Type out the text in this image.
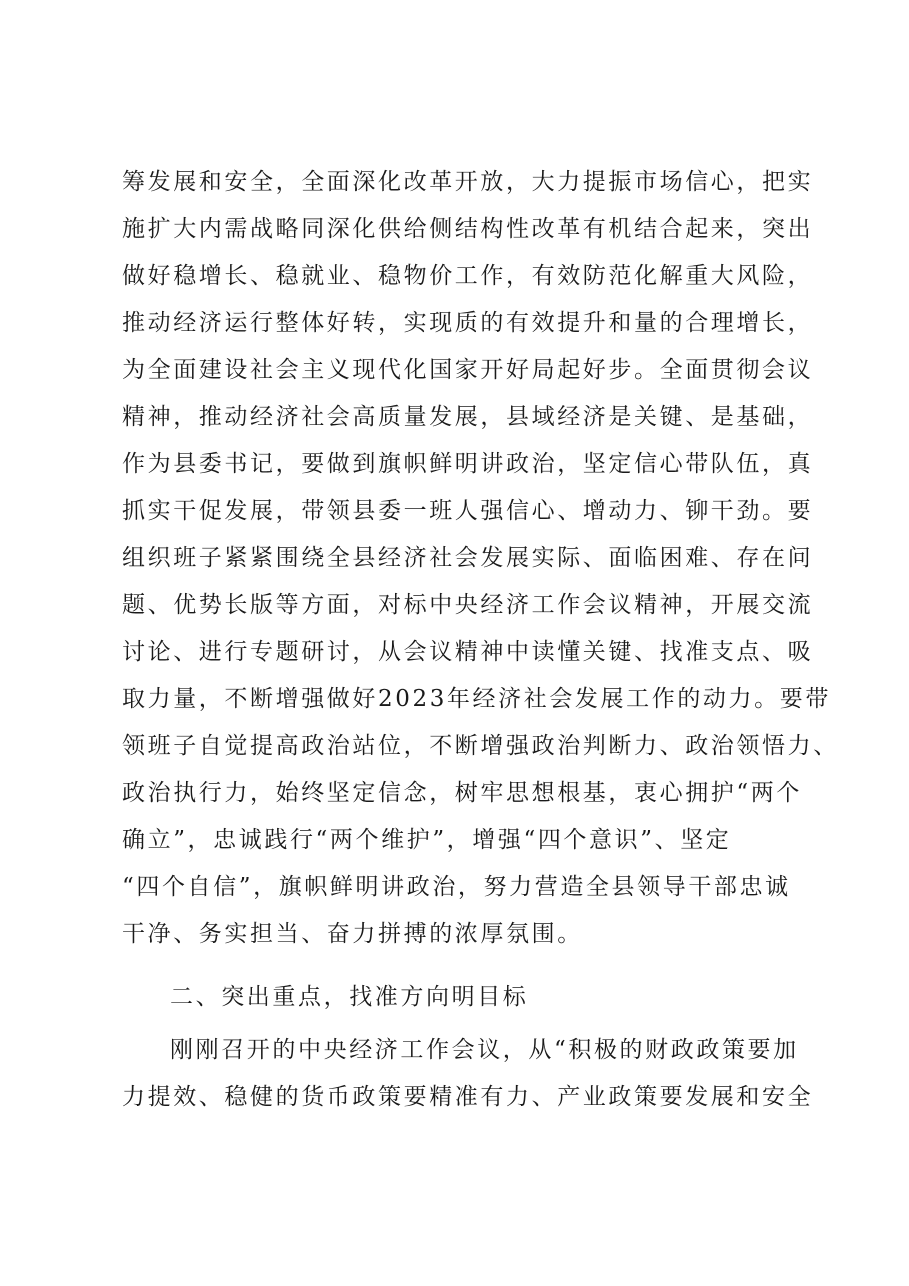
筹发展和安全，全面深化改革开放，大力提振市场信心，把实
施扩大内需战略同深化供给侧结构性改革有机结合起来，突出
做好稳增长、稳就业、稳物价工作，有效防范化解重大风险，
推动经济运行整体好转，实现质的有效提升和量的合理增长，
为全面建设社会主义现代化国家开好局起好步。全面贯彻会议
精神，推动经济社会高质量发展，县域经济是关键、是基础，
作为县委书记，要做到旗帜鲜明讲政治，坚定信心带队伍，真
抓实干促发展，带领县委一班人强信心、增动力、铆干劲。要
组织班子紧紧围绕全县经济社会发展实际、面临困难、存在问
题、优势长版等方面，对标中央经济工作会议精神，开展交流
讨论、进行专题研讨，从会议精神中读懂关键、找准支点、吸
取力量，不断增强做好2023年经济社会发展工作的动力。要带
领班子自觉提高政治站位，不断增强政治判断力、政治领悟力、
政治执行力，始终坚定信念，树牢思想根基，衷心拥护“两个
确立”，忠诚践行“两个维护”，增强“四个意识”、坚定
“四个自信”，旗帜鲜明讲政治，努力营造全县领导干部忠诚
干净、务实担当、奋力拼搏的浓厚氛围。
二、突出重点，找准方向明目标
刚刚召开的中央经济工作会议，从“积极的财政政策要加
力提效、稳健的货币政策要精准有力、产业政策要发展和安全
